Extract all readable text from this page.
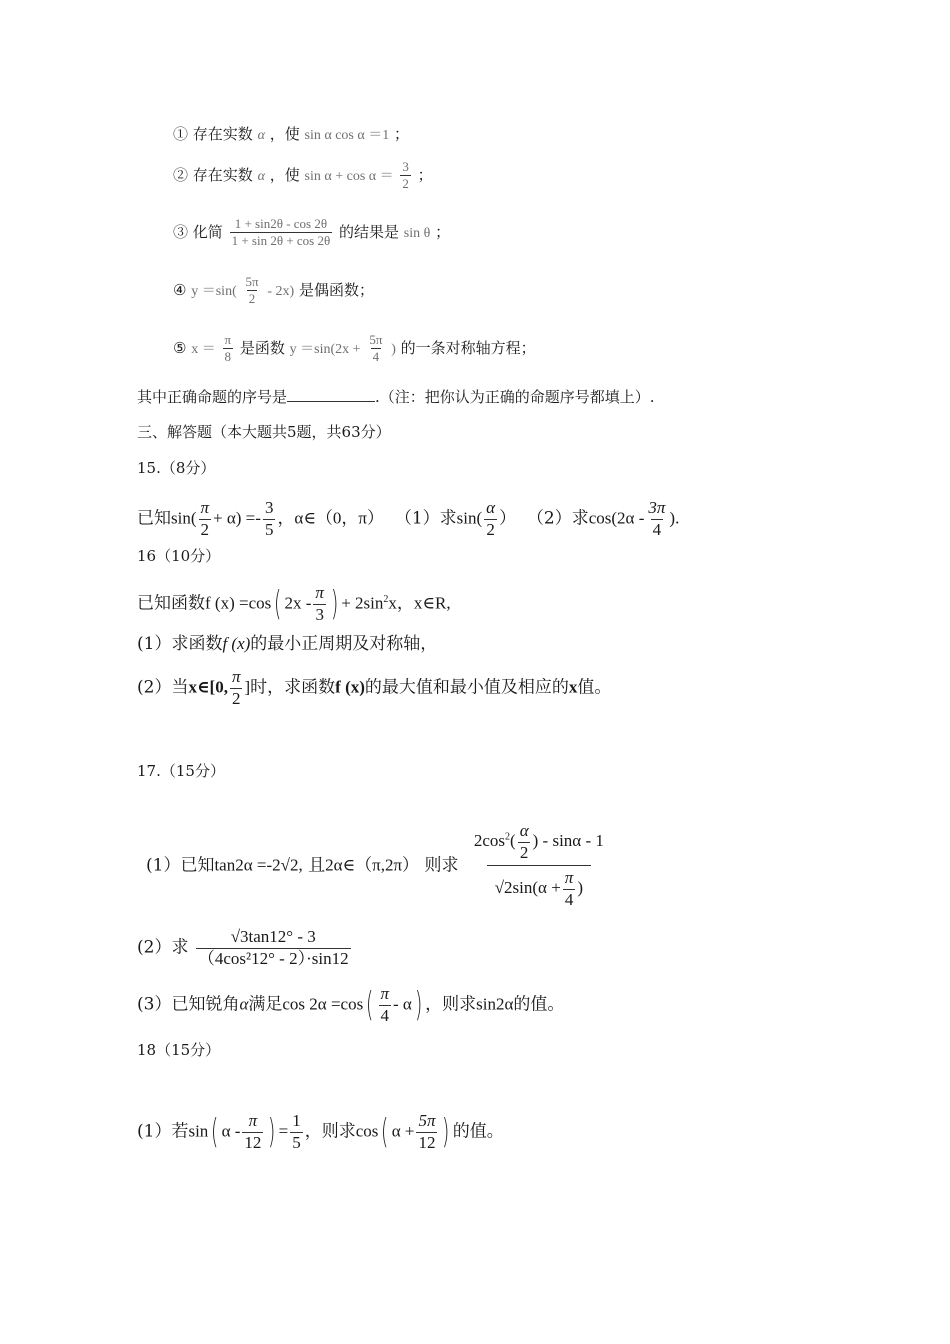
① 存在实数 α ，使 sin α cos α ＝1 ；
② 存在实数 α ，使 $\sin \alpha + \cos \alpha = \frac{3}{2}$ ；
③ 化简 $\frac{1 + \sin 2\theta - \cos 2\theta}{1 + \sin 2\theta + \cos 2\theta}$ 的结果是 sin θ ；
④ $y =\sin( \frac{5\pi}{2} - 2x)$ 是偶函数；
⑤ $x = \frac{\pi}{8}$ 是函数 $y =\sin(2x + \frac{5\pi}{4}$ ) 的一条对称轴方程；
其中正确命题的序号是	.（注：把你认为正确的命题序号都填上）.
三、解答题（本大题共5题，共63分）
15.（8分）
已知$\sin( \frac{\pi}{2} + \alpha) =- \frac{3}{5}$ ，α∈（0，π） （1）求$\sin( \frac{\alpha}{2}$ ） （2）求$\cos(2\alpha - \frac{3\pi}{4}$ ).
16（10分）
已知函数f (x) =cos( $2x - \frac{\pi}{3}$ ) + $2\sin^2x$，x∈R,
(1）求函数f (x)的最小正周期及对称轴，
(2）当x∈[0, $\frac{\pi}{2}$ ]时，求函数f (x)的最大值和最小值及相应的x值。
17.（15分）
(1）已知tan2α =-2√2, 且2α∈（π,2π） 则求 $\frac{2\cos^2( \frac{\alpha}{2} ) - \sin\alpha - 1}{√2\sin(\alpha + \frac{\pi}{4} )}$
(2）求 $\frac{√3\tan 12^\circ - 3}{\text{（4cos²12° - 2）·sin12}}$
(3）已知锐角α满足$\cos 2\alpha =\cos( \frac{\pi}{4} - \alpha)$ ，则求sin2α的值。
18（15分）
(1）若sin( α - $\frac{\pi}{12}$ ) = $\frac{1}{5}$ ，则求cos( $\alpha + \frac{5\pi}{12}$ ) 的值。
